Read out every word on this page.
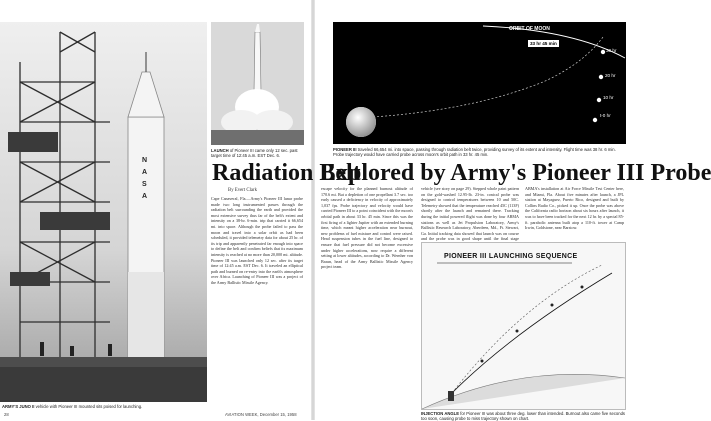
N
A
S
A
ARMY'S JUNO II vehicle with Pioneer III mounted sits poised for launching.
LAUNCH of Pioneer III came only 12 sec. past target time of 12:45 a.m. EST Dec. 6.
28	AVIATION WEEK, December 15, 1958
ORBIT OF MOON
33 hr 45 min
30 hr
20 hr
10 hr
t-0 hr
PIONEER III traveled 66,654 mi. into space, passing through radiation belt twice, providing survey of its extent and intensity. Flight time was 38 hr. 6 min. Probe trajectory would have carried probe across moon's orbit path in 33 hr. 45 min.
Radiation Belt
Explored by Army's Pioneer III Probe
By Evert Clark
Cape Canaveral, Fla.—Army's Pioneer III lunar probe made two long instrumented passes through the radiation belt surrounding the earth and provided the most extensive survey thus far of the belt's extent and intensity on a 38-hr. 6-min. trip that carried it 66,654 mi. into space. Although the probe failed to pass the moon and travel into a solar orbit as had been scheduled, it provided telemetry data for about 25 hr. of its trip and apparently penetrated far enough into space to define the belt and confirm beliefs that its maximum intensity is reached at no more than 20,000 mi. altitude. Pioneer III was launched only 12 sec. after its target time of 12:45 a.m. EST Dec. 6. It traveled an elliptical path and burned on re-entry into the earth's atmosphere over Africa. Launching of Pioneer III was a project of the Army Ballistic Missile Agency.
escape velocity for the planned burnout altitude of 170.6 mi. But a depletion of one propellant 3.7 sec. too early caused a deficiency in velocity of approximately 1,037 fps. Probe trajectory and velocity would have carried Pioneer III to a point coincident with the moon's orbital path in about 33 hr. 45 min. Since this was the first firing of a lighter Jupiter with an extended burning time, which meant higher acceleration near burnout, new problems of fuel mixture and control were raised. Head suspension tubes in the fuel line, designed to ensure that fuel pressure did not become excessive under higher accelerations, now require a different setting at lower altitudes, according to Dr. Wernher von Braun, head of the Army Ballistic Missile Agency project team.
vehicle (see story on page 29). Stepped whole paint pattern on the gold-washed 12.95-lb. 23-in. conical probe was designed to control temperatures between 10 and 50C. Telemetry showed that the temperature reached 45C (113F) shortly after the launch and remained there. Tracking during the initial powered flight was done by four ABMA stations as well as Jet Propulsion Laboratory, Army's Ballistic Research Laboratory, Aberdeen, Md., Ft. Stewart, Ga. Initial tracking data showed that launch was on course and the probe was in good shape until the final stage
ABMA's installation at Air Force Missile Test Center here, and Miami, Fla. About five minutes after launch, a JPL station at Mayaguez, Puerto Rico, designed and built by Collins Radio Co., picked it up. Once the probe was above the California radio horizon about six hours after launch, it was to have been tracked for the next 12 hr. by a special 85-ft. parabolic antenna built atop a 110-ft. tower at Camp Irwin, Goldstone, near Barstow.
PIONEER III LAUNCHING SEQUENCE
INJECTION ANGLE for Pioneer III was about three deg. lower than intended. Burnout also came five seconds too soon, causing probe to miss trajectory shown on chart.
